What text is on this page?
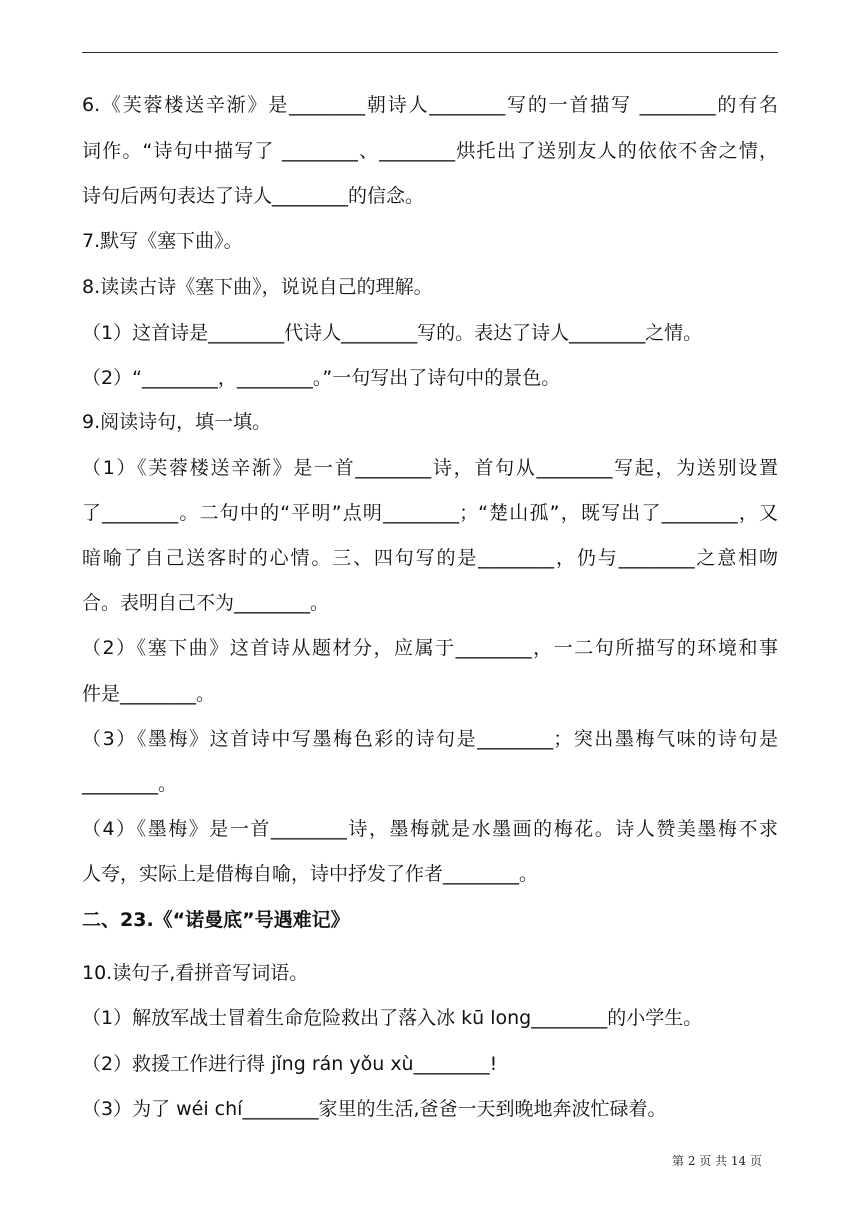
6.《芙蓉楼送辛渐》是________朝诗人________写的一首描写 ________的有名
词作。“诗句中描写了 ________、________烘托出了送别友人的依依不舍之情，
诗句后两句表达了诗人________的信念。
7.默写《塞下曲》。
8.读读古诗《塞下曲》，说说自己的理解。
（1）这首诗是________代诗人________写的。表达了诗人________之情。
（2）“________，________。”一句写出了诗句中的景色。
9.阅读诗句，填一填。
（1）《芙蓉楼送辛渐》是一首________诗，首句从________写起，为送别设置
了________。二句中的“平明”点明________；“楚山孤”，既写出了________，又
暗喻了自己送客时的心情。三、四句写的是________，仍与________之意相吻
合。表明自己不为________。
（2）《塞下曲》这首诗从题材分，应属于________，一二句所描写的环境和事
件是________。
（3）《墨梅》这首诗中写墨梅色彩的诗句是________；突出墨梅气味的诗句是
________。
（4）《墨梅》是一首________诗，墨梅就是水墨画的梅花。诗人赞美墨梅不求
人夸，实际上是借梅自喻，诗中抒发了作者________。
二、23.《“诺曼底”号遇难记》
10.读句子,看拼音写词语。
（1）解放军战士冒着生命危险救出了落入冰 kū long________的小学生。
（2）救援工作进行得 jǐng rán yǒu xù________!
（3）为了 wéi chí________家里的生活,爸爸一天到晚地奔波忙碌着。
第 2 页 共 14 页
